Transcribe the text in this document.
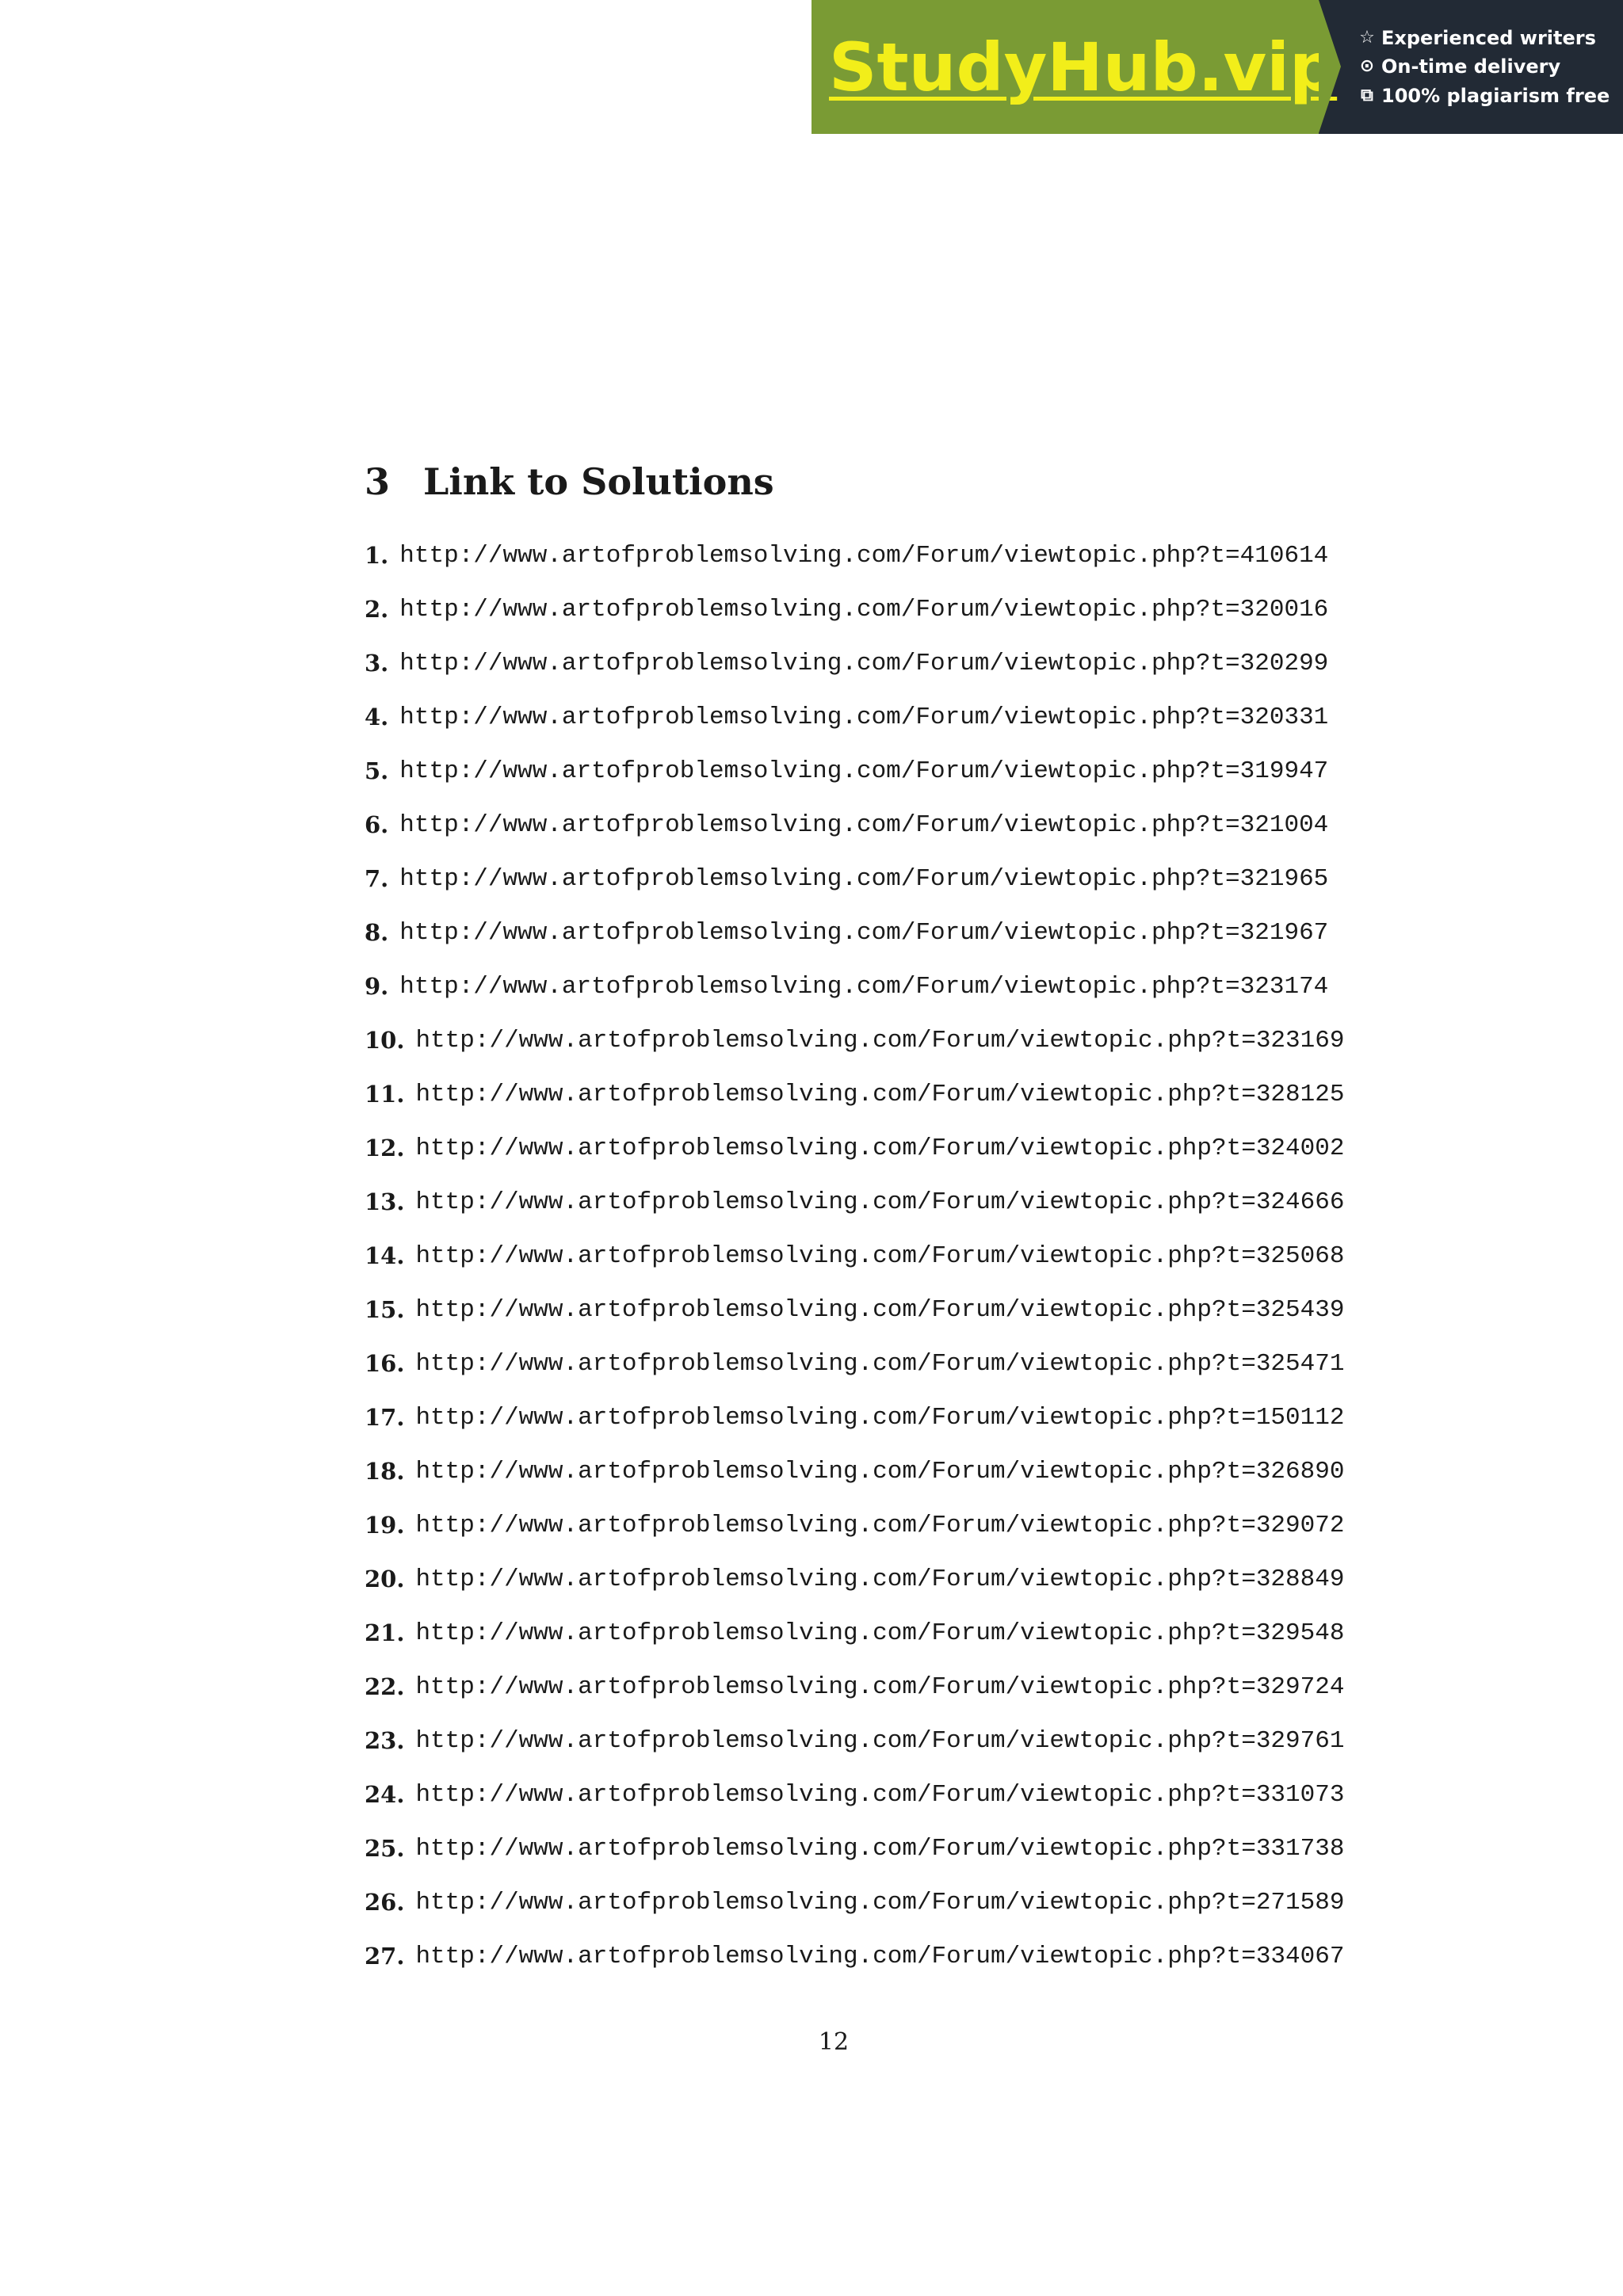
StudyHub.vip ☆ Experienced writers
⊙ On-time delivery
⧉ 100% plagiarism free
3 Link to Solutions
1. http://www.artofproblemsolving.com/Forum/viewtopic.php?t=410614
2. http://www.artofproblemsolving.com/Forum/viewtopic.php?t=320016
3. http://www.artofproblemsolving.com/Forum/viewtopic.php?t=320299
4. http://www.artofproblemsolving.com/Forum/viewtopic.php?t=320331
5. http://www.artofproblemsolving.com/Forum/viewtopic.php?t=319947
6. http://www.artofproblemsolving.com/Forum/viewtopic.php?t=321004
7. http://www.artofproblemsolving.com/Forum/viewtopic.php?t=321965
8. http://www.artofproblemsolving.com/Forum/viewtopic.php?t=321967
9. http://www.artofproblemsolving.com/Forum/viewtopic.php?t=323174
10. http://www.artofproblemsolving.com/Forum/viewtopic.php?t=323169
11. http://www.artofproblemsolving.com/Forum/viewtopic.php?t=328125
12. http://www.artofproblemsolving.com/Forum/viewtopic.php?t=324002
13. http://www.artofproblemsolving.com/Forum/viewtopic.php?t=324666
14. http://www.artofproblemsolving.com/Forum/viewtopic.php?t=325068
15. http://www.artofproblemsolving.com/Forum/viewtopic.php?t=325439
16. http://www.artofproblemsolving.com/Forum/viewtopic.php?t=325471
17. http://www.artofproblemsolving.com/Forum/viewtopic.php?t=150112
18. http://www.artofproblemsolving.com/Forum/viewtopic.php?t=326890
19. http://www.artofproblemsolving.com/Forum/viewtopic.php?t=329072
20. http://www.artofproblemsolving.com/Forum/viewtopic.php?t=328849
21. http://www.artofproblemsolving.com/Forum/viewtopic.php?t=329548
22. http://www.artofproblemsolving.com/Forum/viewtopic.php?t=329724
23. http://www.artofproblemsolving.com/Forum/viewtopic.php?t=329761
24. http://www.artofproblemsolving.com/Forum/viewtopic.php?t=331073
25. http://www.artofproblemsolving.com/Forum/viewtopic.php?t=331738
26. http://www.artofproblemsolving.com/Forum/viewtopic.php?t=271589
27. http://www.artofproblemsolving.com/Forum/viewtopic.php?t=334067
12
